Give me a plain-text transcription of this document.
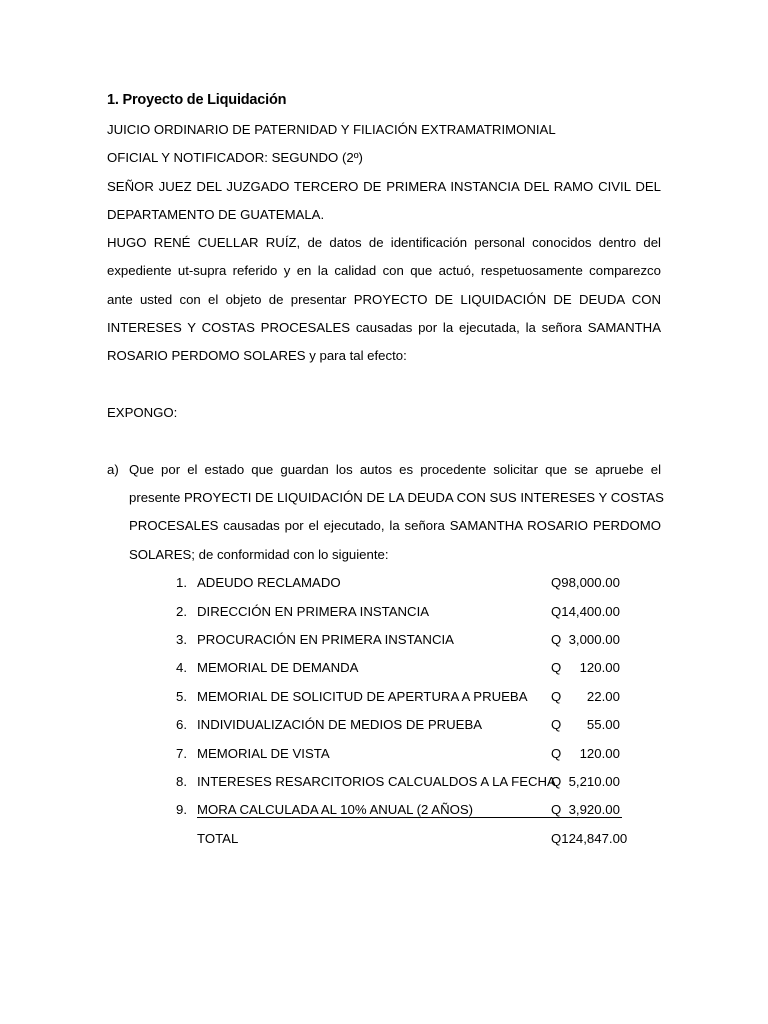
1. Proyecto de Liquidación
JUICIO ORDINARIO DE PATERNIDAD Y FILIACIÓN EXTRAMATRIMONIAL
OFICIAL Y NOTIFICADOR: SEGUNDO (2º)
SEÑOR JUEZ DEL JUZGADO TERCERO DE PRIMERA INSTANCIA DEL RAMO CIVIL DEL
DEPARTAMENTO DE GUATEMALA.
HUGO RENÉ CUELLAR RUÍZ, de datos de identificación personal conocidos dentro del
expediente ut-supra referido y en la calidad con que actuó, respetuosamente comparezco
ante usted con el objeto de presentar PROYECTO DE LIQUIDACIÓN DE DEUDA CON
INTERESES Y COSTAS PROCESALES causadas por la ejecutada, la señora SAMANTHA
ROSARIO PERDOMO SOLARES y para tal efecto:
EXPONGO:
a) Que por el estado que guardan los autos es procedente solicitar que se apruebe el
presente PROYECTI DE LIQUIDACIÓN DE LA DEUDA CON SUS INTERESES Y COSTAS
PROCESALES causadas por el ejecutado, la señora SAMANTHA ROSARIO PERDOMO
SOLARES; de conformidad con lo siguiente:
1. ADEUDO RECLAMADO	Q98,000.00
2. DIRECCIÓN EN PRIMERA INSTANCIA	Q14,400.00
3. PROCURACIÓN EN PRIMERA INSTANCIA	Q  3,000.00
4. MEMORIAL DE DEMANDA	Q     120.00
5. MEMORIAL DE SOLICITUD DE APERTURA A PRUEBA Q       22.00
6. INDIVIDUALIZACIÓN DE MEDIOS DE PRUEBA	Q       55.00
7. MEMORIAL DE VISTA	Q     120.00
8. INTERESES RESARCITORIOS CALCUALDOS A LA FECHA
Q  5,210.00
9. MORA CALCULADA AL 10% ANUAL (2 AÑOS)	Q  3,920.00
TOTAL	Q124,847.00
